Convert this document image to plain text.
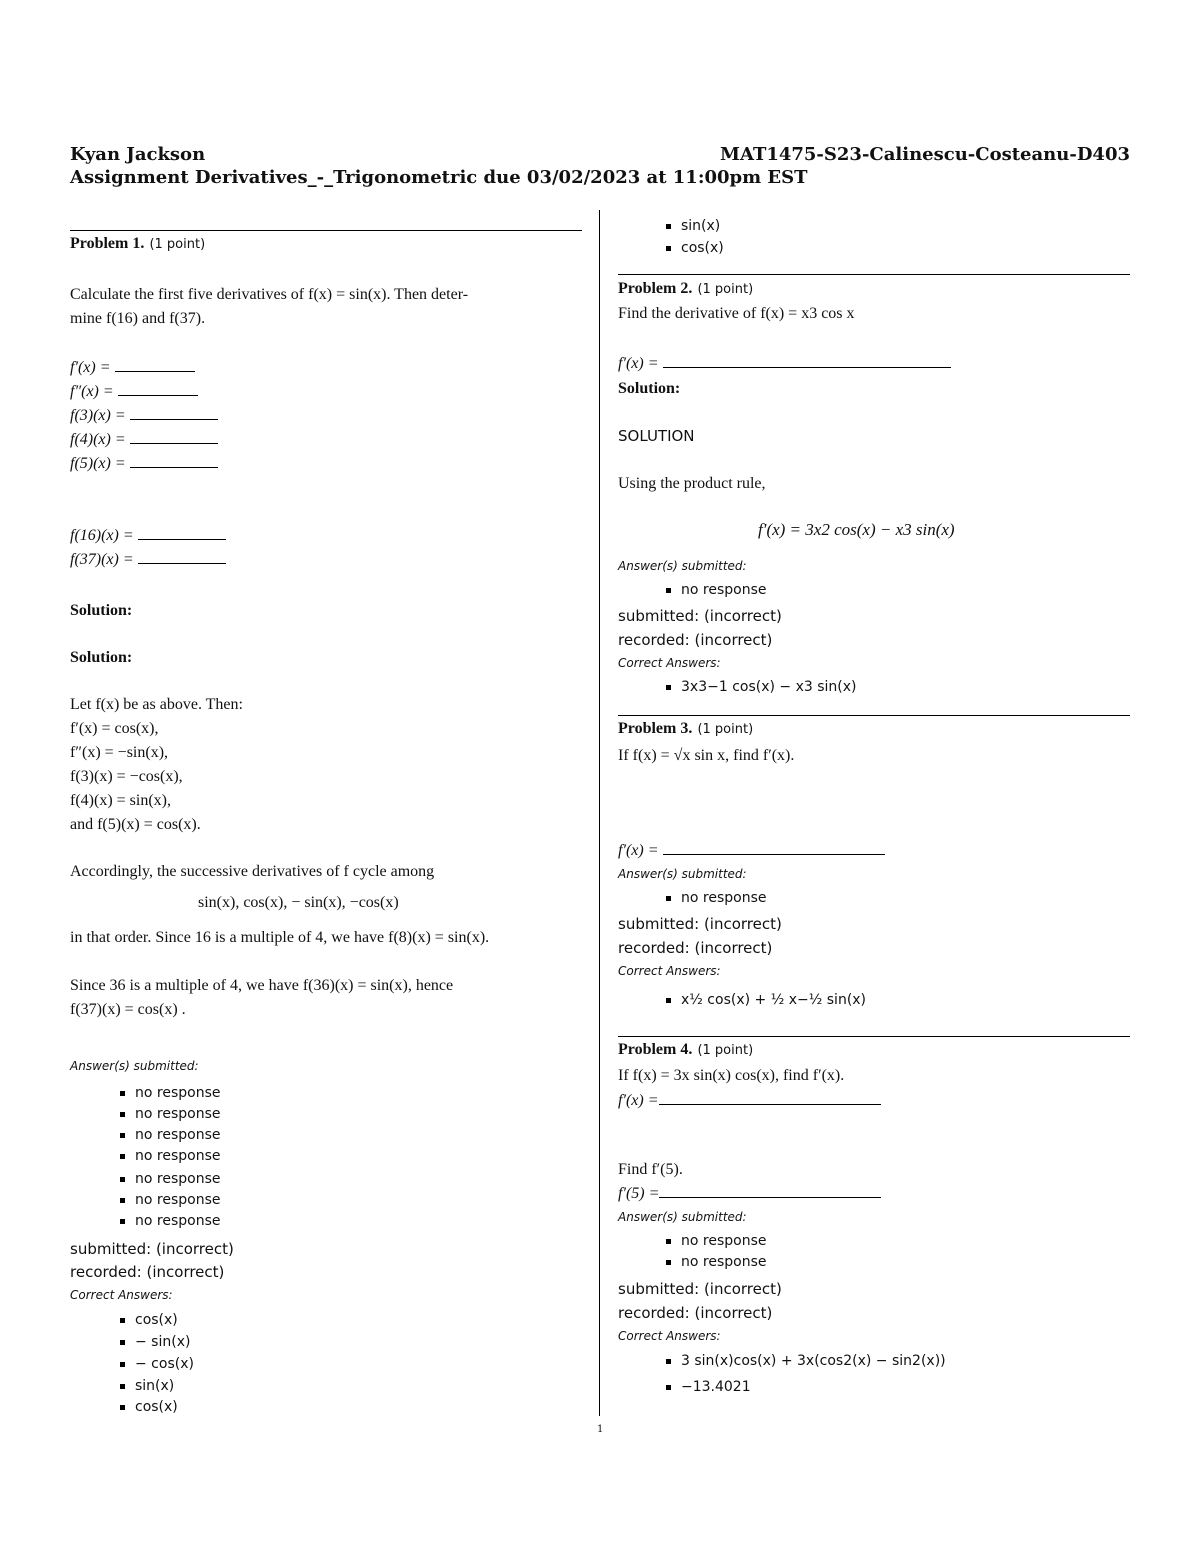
Kyan Jackson	MAT1475-S23-Calinescu-Costeanu-D403
Assignment Derivatives_-_Trigonometric due 03/02/2023 at 11:00pm EST
Problem 1. (1 point)
Calculate the first five derivatives of f(x) = sin(x). Then deter-
mine f(16) and f(37).
f′(x) =
f″(x) =
f(3)(x) =
f(4)(x) =
f(5)(x) =
f(16)(x) =
f(37)(x) =
Solution:
Solution:
Let f(x) be as above. Then:
f′(x) = cos(x),
f″(x) = −sin(x),
f(3)(x) = −cos(x),
f(4)(x) = sin(x),
and f(5)(x) = cos(x).
Accordingly, the successive derivatives of f cycle among
sin(x), cos(x), − sin(x), −cos(x)
in that order. Since 16 is a multiple of 4, we have f(8)(x) = sin(x).
Since 36 is a multiple of 4, we have f(36)(x) = sin(x), hence
f(37)(x) = cos(x) .
Answer(s) submitted:
no response
no response
no response
no response
no response
no response
no response
submitted: (incorrect)
recorded: (incorrect)
Correct Answers:
cos(x)
− sin(x)
− cos(x)
sin(x)
cos(x)
sin(x)
cos(x)
Problem 2. (1 point)
Find the derivative of f(x) = x3 cos x
f′(x) =
Solution:
SOLUTION
Using the product rule,
f′(x) = 3x2 cos(x) − x3 sin(x)
Answer(s) submitted:
no response
submitted: (incorrect)
recorded: (incorrect)
Correct Answers:
3x3−1 cos(x) − x3 sin(x)
Problem 3. (1 point)
If f(x) = √x sin x, find f′(x).
f′(x) =
Answer(s) submitted:
no response
submitted: (incorrect)
recorded: (incorrect)
Correct Answers:
x½ cos(x) + ½ x−½ sin(x)
Problem 4. (1 point)
If f(x) = 3x sin(x) cos(x), find f′(x).
f′(x) =
Find f′(5).
f′(5) =
Answer(s) submitted:
no response
no response
submitted: (incorrect)
recorded: (incorrect)
Correct Answers:
3 sin(x)cos(x) + 3x(cos2(x) − sin2(x))
−13.4021
1
